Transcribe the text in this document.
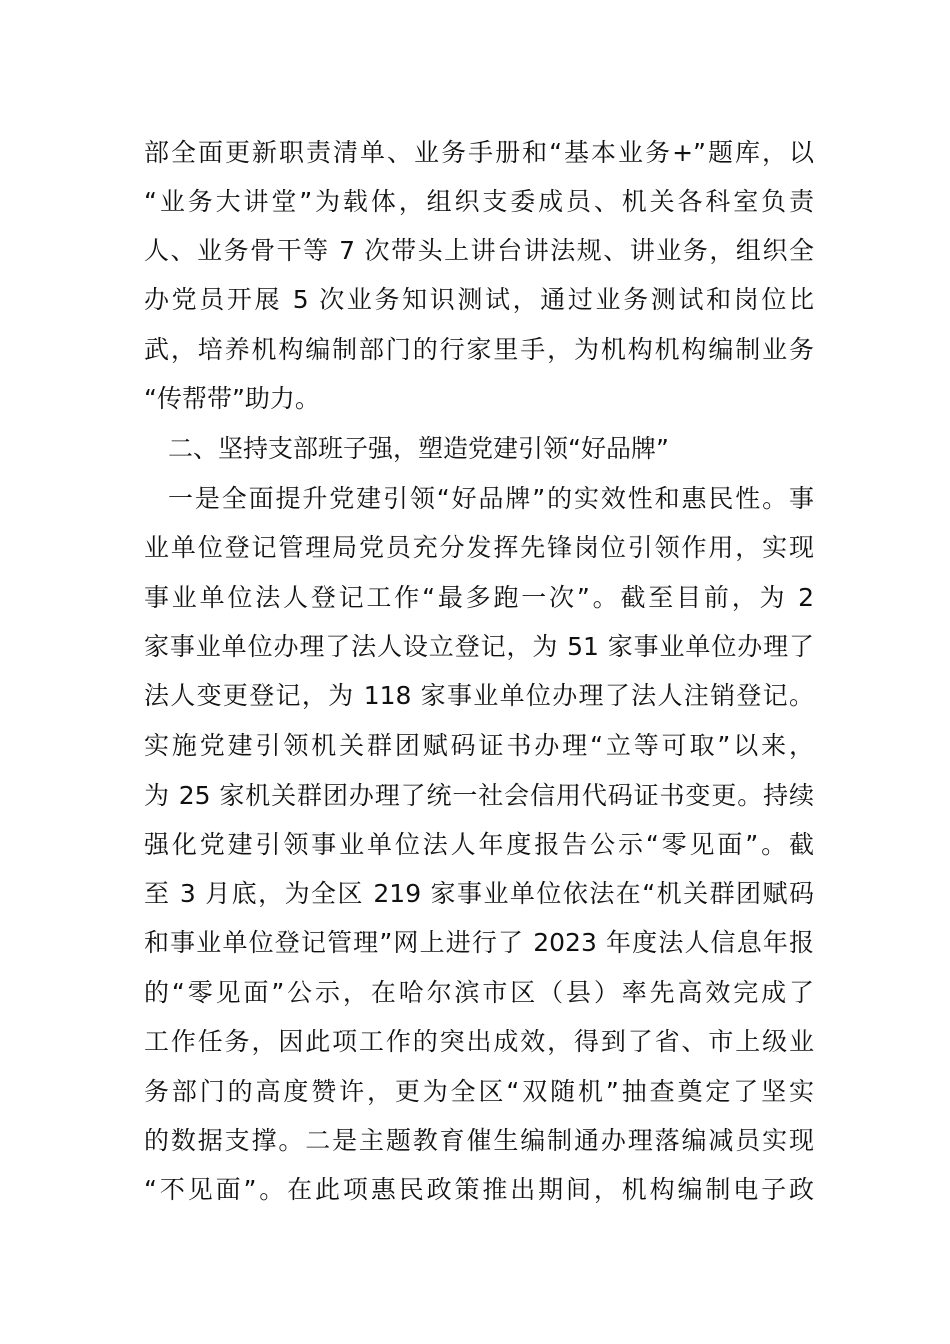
部全面更新职责清单、业务手册和“基本业务+”题库，以
“业务大讲堂”为载体，组织支委成员、机关各科室负责
人、业务骨干等 7 次带头上讲台讲法规、讲业务，组织全
办党员开展 5 次业务知识测试，通过业务测试和岗位比
武，培养机构编制部门的行家里手，为机构机构编制业务
“传帮带”助力。
二、坚持支部班子强，塑造党建引领“好品牌”
一是全面提升党建引领“好品牌”的实效性和惠民性。事
业单位登记管理局党员充分发挥先锋岗位引领作用，实现
事业单位法人登记工作“最多跑一次”。截至目前，为 2
家事业单位办理了法人设立登记，为 51 家事业单位办理了
法人变更登记，为 118 家事业单位办理了法人注销登记。
实施党建引领机关群团赋码证书办理“立等可取”以来，
为 25 家机关群团办理了统一社会信用代码证书变更。持续
强化党建引领事业单位法人年度报告公示“零见面”。截
至 3 月底，为全区 219 家事业单位依法在“机关群团赋码
和事业单位登记管理”网上进行了 2023 年度法人信息年报
的“零见面”公示，在哈尔滨市区（县）率先高效完成了
工作任务，因此项工作的突出成效，得到了省、市上级业
务部门的高度赞许，更为全区“双随机”抽查奠定了坚实
的数据支撑。二是主题教育催生编制通办理落编减员实现
“不见面”。在此项惠民政策推出期间，机构编制电子政
